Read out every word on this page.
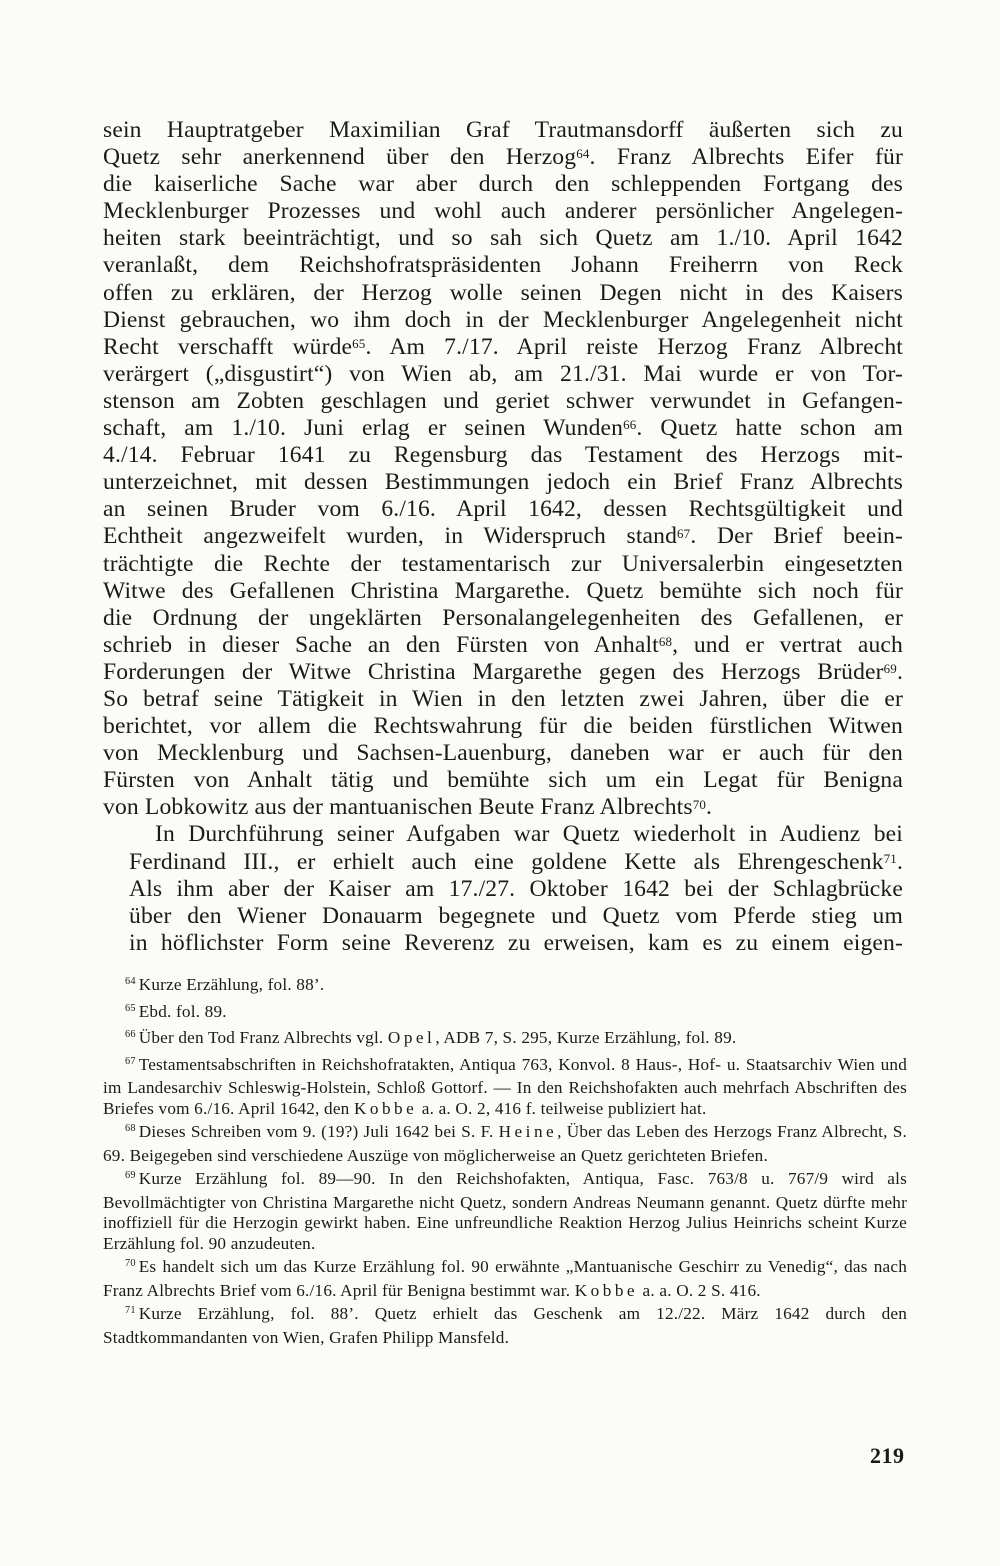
sein Hauptratgeber Maximilian Graf Trautmansdorff äußerten sich zu
Quetz sehr anerkennend über den Herzog$^{64}$. Franz Albrechts Eifer für
die kaiserliche Sache war aber durch den schleppenden Fortgang des
Mecklenburger Prozesses und wohl auch anderer persönlicher Angelegen-
heiten stark beeinträchtigt, und so sah sich Quetz am 1./10. April 1642
veranlaßt, dem Reichshofratspräsidenten Johann Freiherrn von Reck
offen zu erklären, der Herzog wolle seinen Degen nicht in des Kaisers
Dienst gebrauchen, wo ihm doch in der Mecklenburger Angelegenheit nicht
Recht verschafft würde$^{65}$. Am 7./17. April reiste Herzog Franz Albrecht
verärgert („disgustirt“) von Wien ab, am 21./31. Mai wurde er von Tor-
stenson am Zobten geschlagen und geriet schwer verwundet in Gefangen-
schaft, am 1./10. Juni erlag er seinen Wunden$^{66}$. Quetz hatte schon am
4./14. Februar 1641 zu Regensburg das Testament des Herzogs mit-
unterzeichnet, mit dessen Bestimmungen jedoch ein Brief Franz Albrechts
an seinen Bruder vom 6./16. April 1642, dessen Rechtsgültigkeit und
Echtheit angezweifelt wurden, in Widerspruch stand$^{67}$. Der Brief beein-
trächtigte die Rechte der testamentarisch zur Universalerbin eingesetzten
Witwe des Gefallenen Christina Margarethe. Quetz bemühte sich noch für
die Ordnung der ungeklärten Personalangelegenheiten des Gefallenen, er
schrieb in dieser Sache an den Fürsten von Anhalt$^{68}$, und er vertrat auch
Forderungen der Witwe Christina Margarethe gegen des Herzogs Brüder$^{69}$.
So betraf seine Tätigkeit in Wien in den letzten zwei Jahren, über die er
berichtet, vor allem die Rechtswahrung für die beiden fürstlichen Witwen
von Mecklenburg und Sachsen-Lauenburg, daneben war er auch für den
Fürsten von Anhalt tätig und bemühte sich um ein Legat für Benigna
von Lobkowitz aus der mantuanischen Beute Franz Albrechts$^{70}$.

In Durchführung seiner Aufgaben war Quetz wiederholt in Audienz bei
Ferdinand III., er erhielt auch eine goldene Kette als Ehrengeschenk$^{71}$.
Als ihm aber der Kaiser am 17./27. Oktober 1642 bei der Schlagbrücke
über den Wiener Donauarm begegnete und Quetz vom Pferde stieg um
in höflichster Form seine Reverenz zu erweisen, kam es zu einem eigen-

$^{64}$ Kurze Erzählung, fol. 88’.

$^{65}$ Ebd. fol. 89.

$^{66}$ Über den Tod Franz Albrechts vgl. Opel, ADB 7, S. 295, Kurze Erzählung, fol. 89.

$^{67}$ Testamentsabschriften in Reichshofratakten, Antiqua 763, Konvol. 8 Haus-, Hof- u. Staatsarchiv Wien und im Landesarchiv Schleswig-Holstein, Schloß Gottorf. — In den Reichshofakten auch mehrfach Abschriften des Briefes vom 6./16. April 1642, den Kobbe a. a. O. 2, 416 f. teilweise publiziert hat.

$^{68}$ Dieses Schreiben vom 9. (19?) Juli 1642 bei S. F. Heine, Über das Leben des Herzogs Franz Albrecht, S. 69. Beigegeben sind verschiedene Auszüge von möglicherweise an Quetz gerichteten Briefen.

$^{69}$ Kurze Erzählung fol. 89—90. In den Reichshofakten, Antiqua, Fasc. 763/8 u. 767/9 wird als Bevollmächtigter von Christina Margarethe nicht Quetz, sondern Andreas Neumann genannt. Quetz dürfte mehr inoffiziell für die Herzogin gewirkt haben. Eine unfreundliche Reaktion Herzog Julius Heinrichs scheint Kurze Erzählung fol. 90 anzudeuten.

$^{70}$ Es handelt sich um das Kurze Erzählung fol. 90 erwähnte „Mantuanische Geschirr zu Venedig“, das nach Franz Albrechts Brief vom 6./16. April für Benigna bestimmt war. Kobbe a. a. O. 2 S. 416.

$^{71}$ Kurze Erzählung, fol. 88’. Quetz erhielt das Geschenk am 12./22. März 1642 durch den Stadtkommandanten von Wien, Grafen Philipp Mansfeld.

219
